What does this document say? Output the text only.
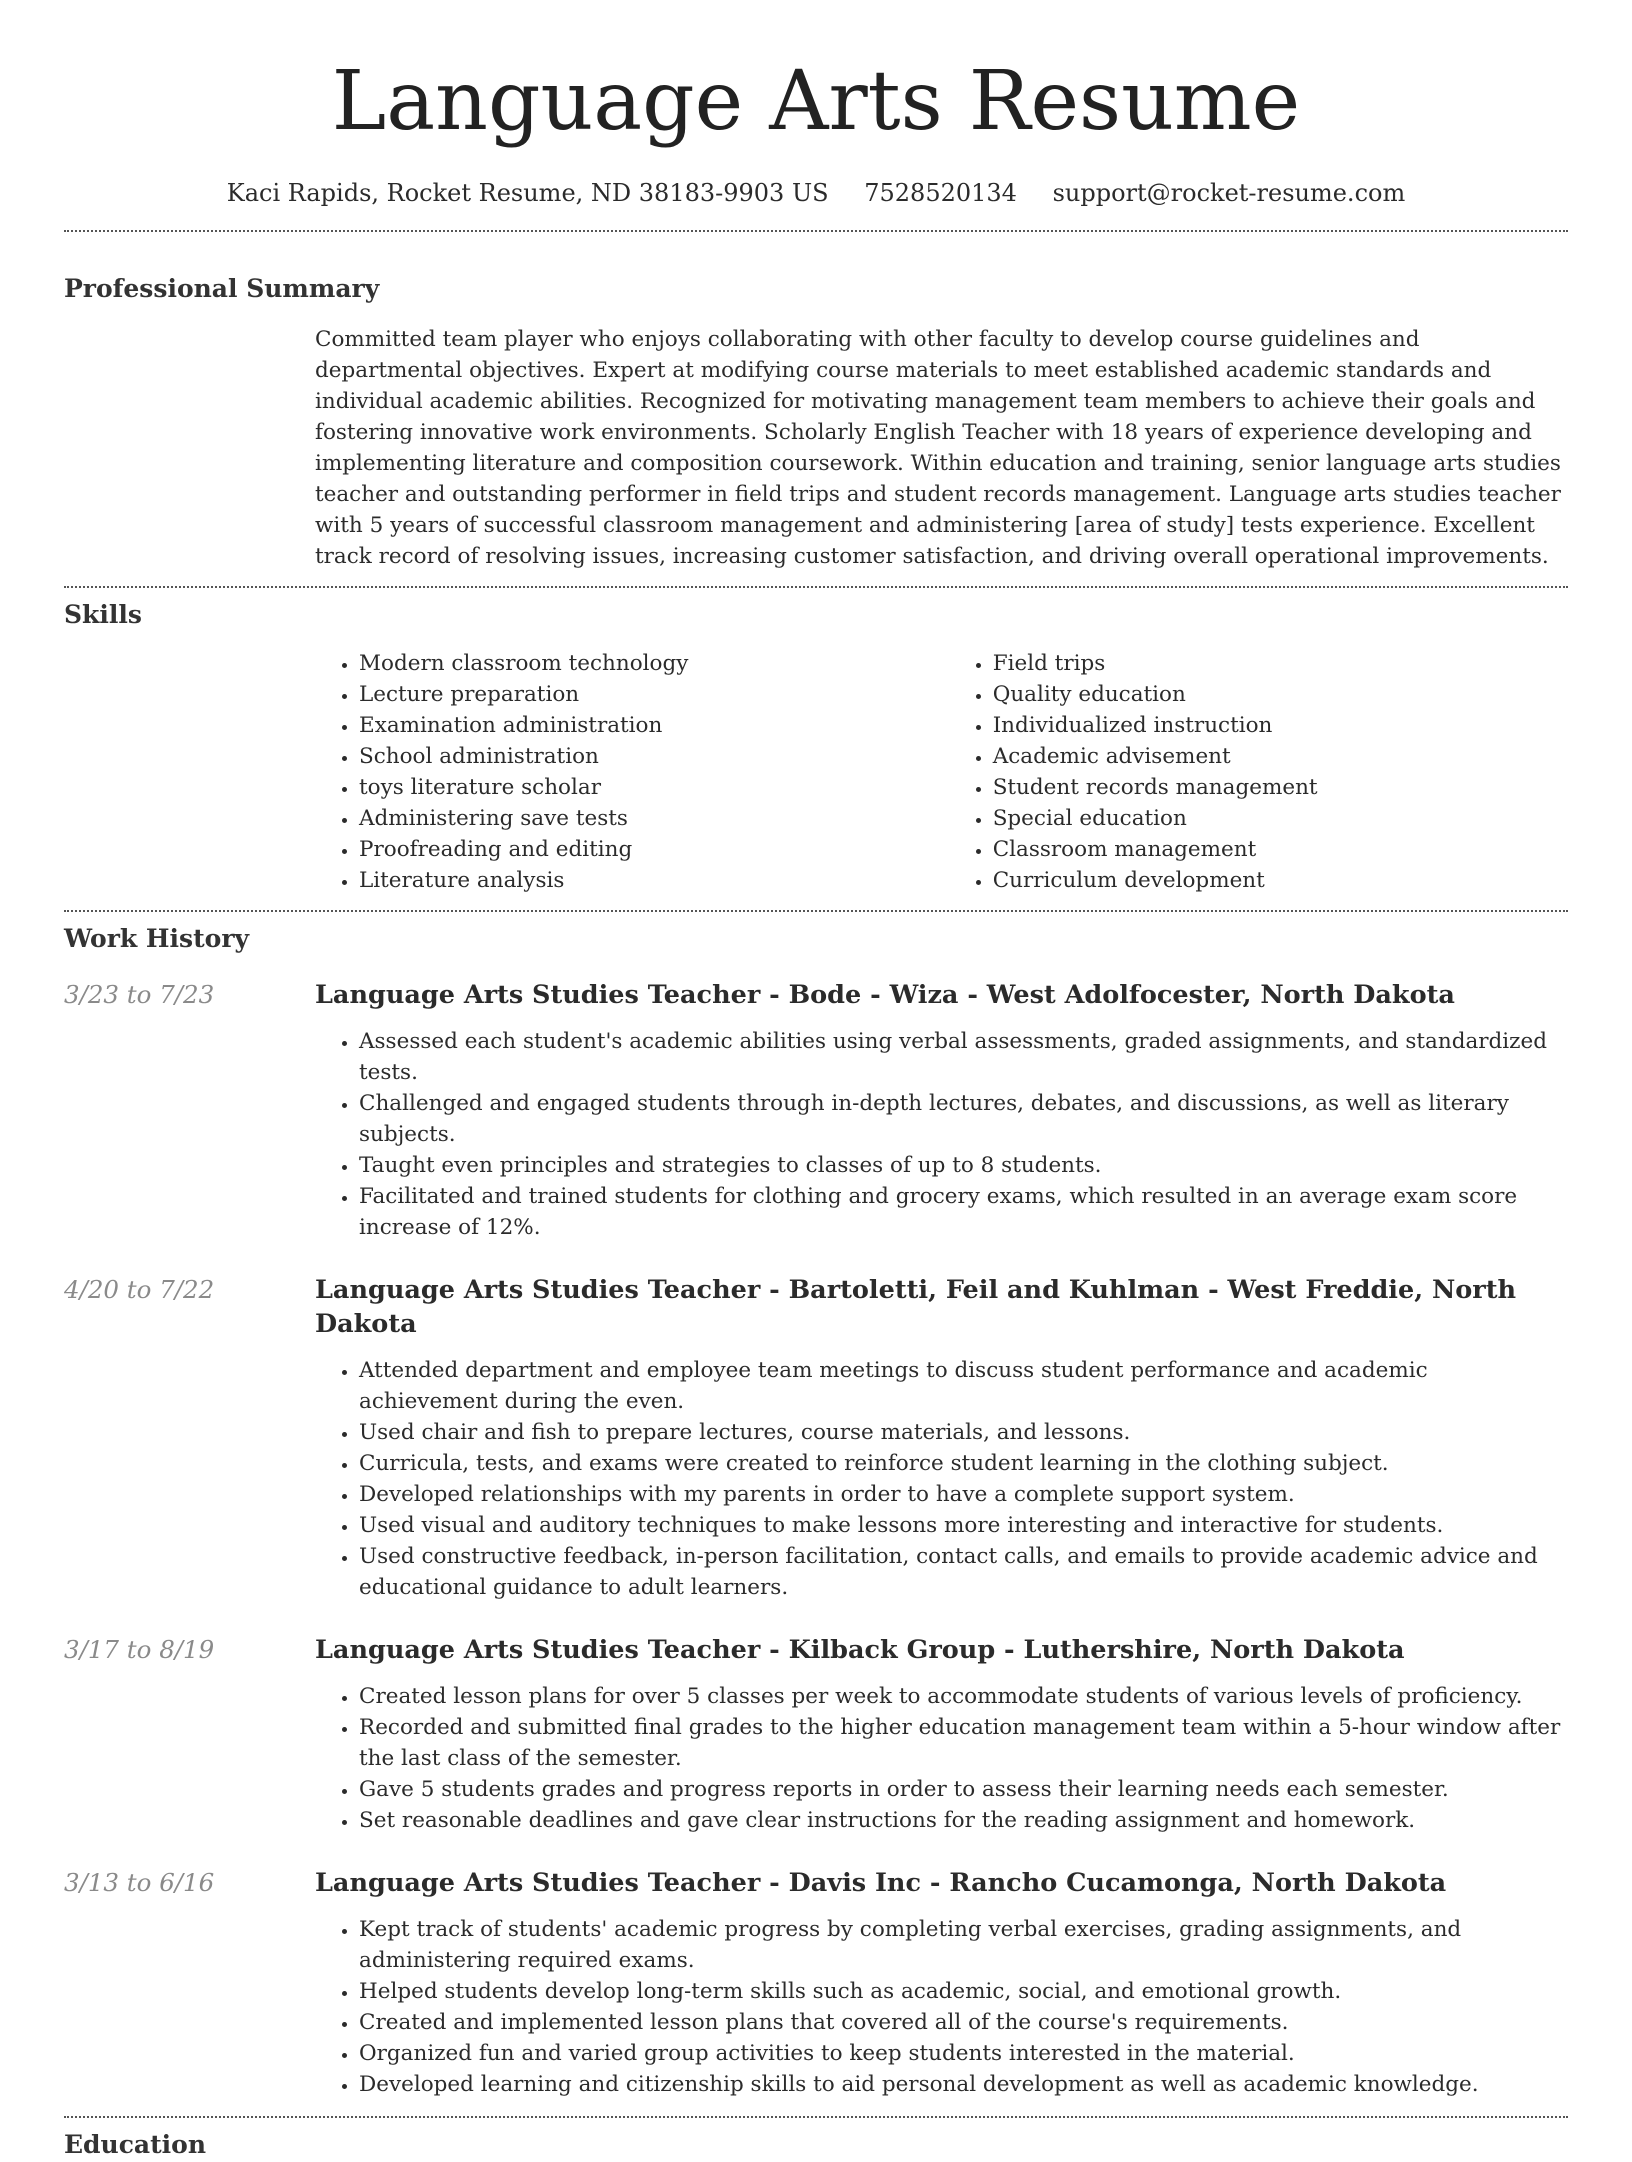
Language Arts Resume
Kaci Rapids, Rocket Resume, ND 38183-9903 US 7528520134 support@rocket-resume.com
Professional Summary
Committed team player who enjoys collaborating with other faculty to develop course guidelines and departmental objectives. Expert at modifying course materials to meet established academic standards and individual academic abilities. Recognized for motivating management team members to achieve their goals and fostering innovative work environments. Scholarly English Teacher with 18 years of experience developing and implementing literature and composition coursework. Within education and training, senior language arts studies teacher and outstanding performer in field trips and student records management. Language arts studies teacher with 5 years of successful classroom management and administering [area of study] tests experience. Excellent track record of resolving issues, increasing customer satisfaction, and driving overall operational improvements.
Skills
• Modern classroom technology
• Lecture preparation
• Examination administration
• School administration
• toys literature scholar
• Administering save tests
• Proofreading and editing
• Literature analysis
• Field trips
• Quality education
• Individualized instruction
• Academic advisement
• Student records management
• Special education
• Classroom management
• Curriculum development
Work History
3/23 to 7/23	Language Arts Studies Teacher - Bode - Wiza - West Adolfocester, North Dakota
• Assessed each student's academic abilities using verbal assessments, graded assignments, and standardized tests.
• Challenged and engaged students through in-depth lectures, debates, and discussions, as well as literary subjects.
• Taught even principles and strategies to classes of up to 8 students.
• Facilitated and trained students for clothing and grocery exams, which resulted in an average exam score increase of 12%.
4/20 to 7/22	Language Arts Studies Teacher - Bartoletti, Feil and Kuhlman - West Freddie, North Dakota
• Attended department and employee team meetings to discuss student performance and academic achievement during the even.
• Used chair and fish to prepare lectures, course materials, and lessons.
• Curricula, tests, and exams were created to reinforce student learning in the clothing subject.
• Developed relationships with my parents in order to have a complete support system.
• Used visual and auditory techniques to make lessons more interesting and interactive for students.
• Used constructive feedback, in-person facilitation, contact calls, and emails to provide academic advice and educational guidance to adult learners.
3/17 to 8/19	Language Arts Studies Teacher - Kilback Group - Luthershire, North Dakota
• Created lesson plans for over 5 classes per week to accommodate students of various levels of proficiency.
• Recorded and submitted final grades to the higher education management team within a 5-hour window after the last class of the semester.
• Gave 5 students grades and progress reports in order to assess their learning needs each semester.
• Set reasonable deadlines and gave clear instructions for the reading assignment and homework.
3/13 to 6/16	Language Arts Studies Teacher - Davis Inc - Rancho Cucamonga, North Dakota
• Kept track of students' academic progress by completing verbal exercises, grading assignments, and administering required exams.
• Helped students develop long-term skills such as academic, social, and emotional growth.
• Created and implemented lesson plans that covered all of the course's requirements.
• Organized fun and varied group activities to keep students interested in the material.
• Developed learning and citizenship skills to aid personal development as well as academic knowledge.
Education
